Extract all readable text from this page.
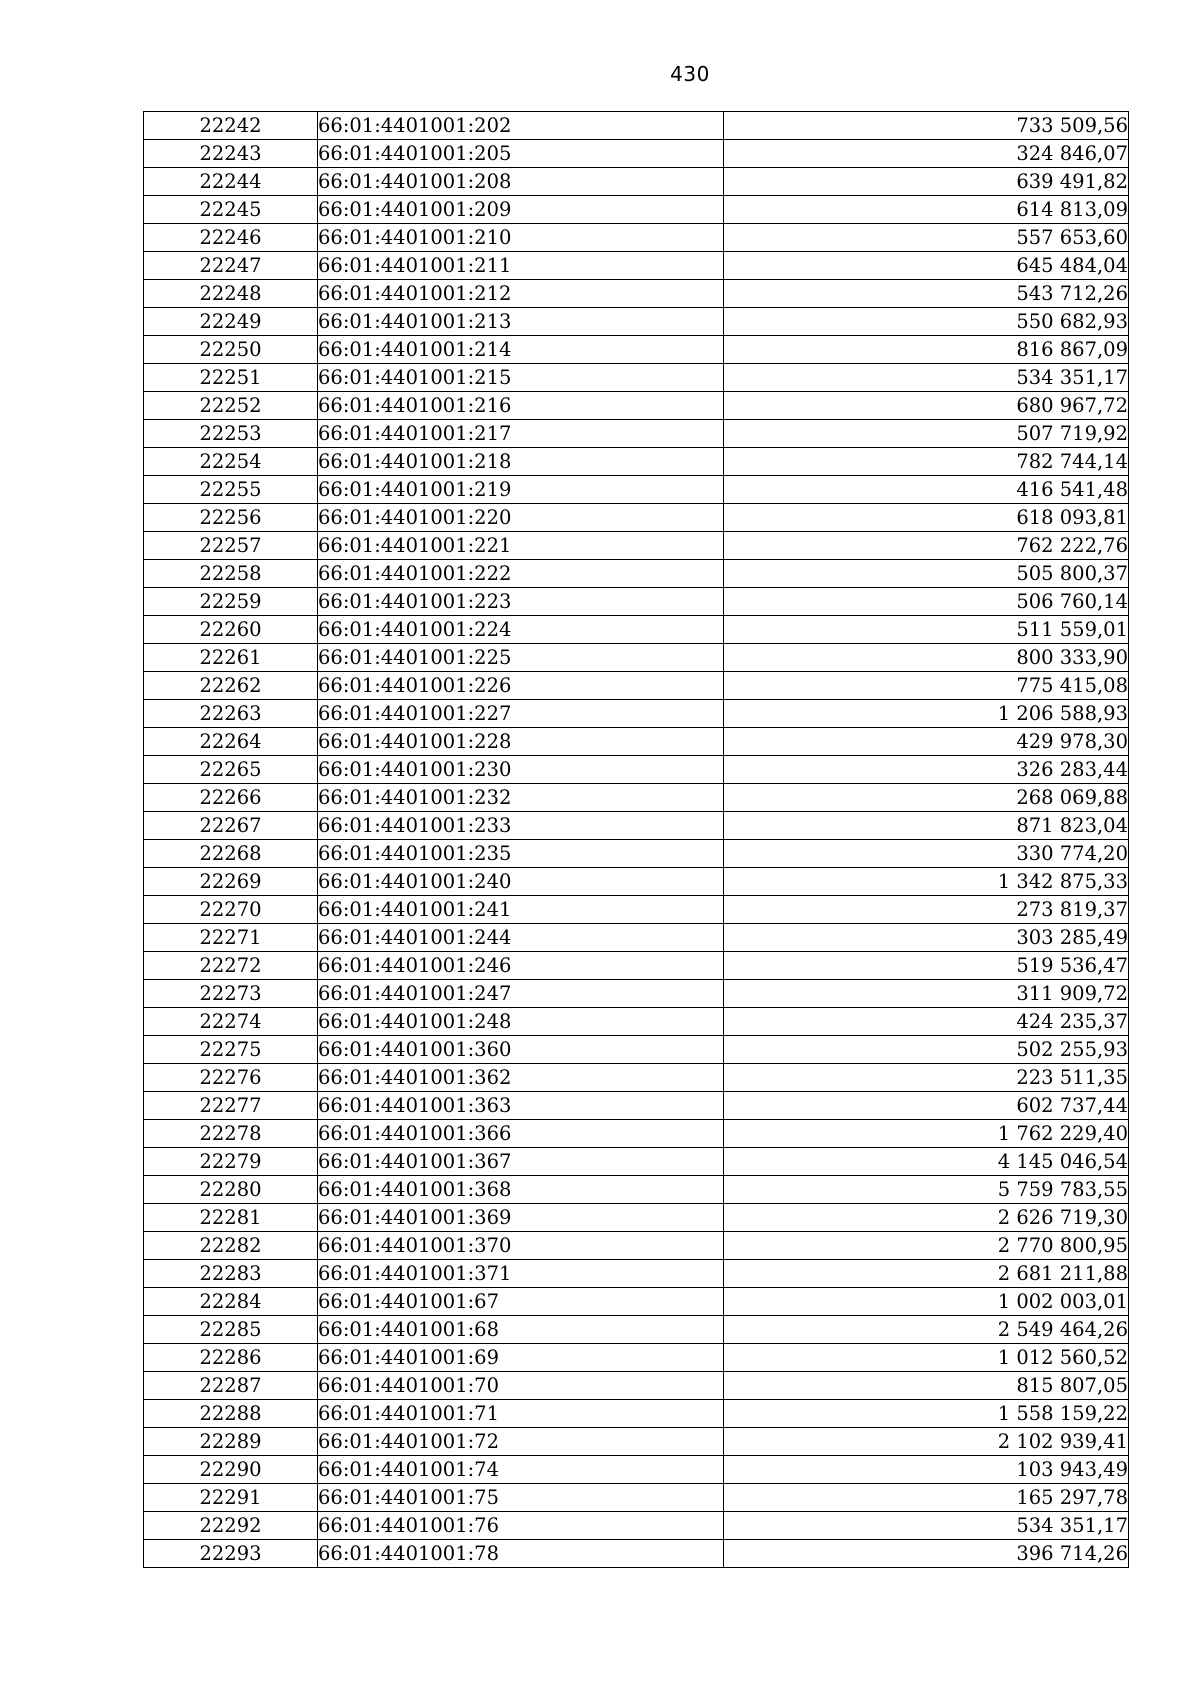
430
22242	66:01:4401001:202	733 509,56
22243	66:01:4401001:205	324 846,07
22244	66:01:4401001:208	639 491,82
22245	66:01:4401001:209	614 813,09
22246	66:01:4401001:210	557 653,60
22247	66:01:4401001:211	645 484,04
22248	66:01:4401001:212	543 712,26
22249	66:01:4401001:213	550 682,93
22250	66:01:4401001:214	816 867,09
22251	66:01:4401001:215	534 351,17
22252	66:01:4401001:216	680 967,72
22253	66:01:4401001:217	507 719,92
22254	66:01:4401001:218	782 744,14
22255	66:01:4401001:219	416 541,48
22256	66:01:4401001:220	618 093,81
22257	66:01:4401001:221	762 222,76
22258	66:01:4401001:222	505 800,37
22259	66:01:4401001:223	506 760,14
22260	66:01:4401001:224	511 559,01
22261	66:01:4401001:225	800 333,90
22262	66:01:4401001:226	775 415,08
22263	66:01:4401001:227	1 206 588,93
22264	66:01:4401001:228	429 978,30
22265	66:01:4401001:230	326 283,44
22266	66:01:4401001:232	268 069,88
22267	66:01:4401001:233	871 823,04
22268	66:01:4401001:235	330 774,20
22269	66:01:4401001:240	1 342 875,33
22270	66:01:4401001:241	273 819,37
22271	66:01:4401001:244	303 285,49
22272	66:01:4401001:246	519 536,47
22273	66:01:4401001:247	311 909,72
22274	66:01:4401001:248	424 235,37
22275	66:01:4401001:360	502 255,93
22276	66:01:4401001:362	223 511,35
22277	66:01:4401001:363	602 737,44
22278	66:01:4401001:366	1 762 229,40
22279	66:01:4401001:367	4 145 046,54
22280	66:01:4401001:368	5 759 783,55
22281	66:01:4401001:369	2 626 719,30
22282	66:01:4401001:370	2 770 800,95
22283	66:01:4401001:371	2 681 211,88
22284	66:01:4401001:67	1 002 003,01
22285	66:01:4401001:68	2 549 464,26
22286	66:01:4401001:69	1 012 560,52
22287	66:01:4401001:70	815 807,05
22288	66:01:4401001:71	1 558 159,22
22289	66:01:4401001:72	2 102 939,41
22290	66:01:4401001:74	103 943,49
22291	66:01:4401001:75	165 297,78
22292	66:01:4401001:76	534 351,17
22293	66:01:4401001:78	396 714,26
